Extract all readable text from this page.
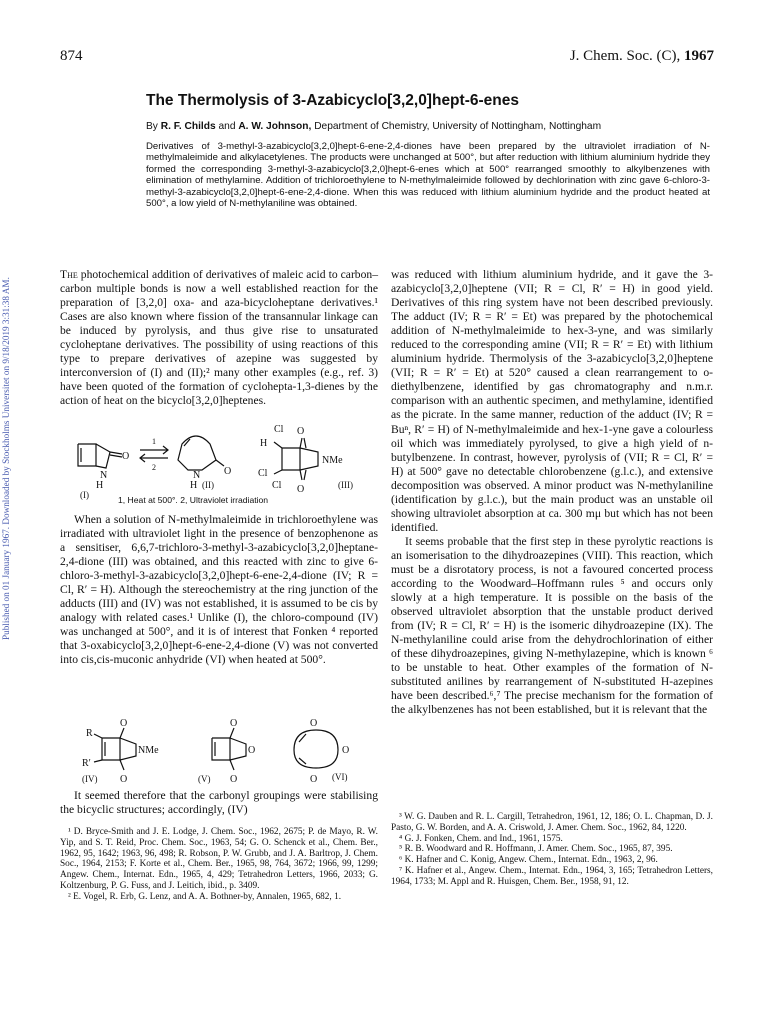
874	J. Chem. Soc. (C), 1967
Published on 01 January 1967. Downloaded by Stockholms Universitet on 9/18/2019 3:31:38 AM.
The Thermolysis of 3-Azabicyclo[3,2,0]hept-6-enes
By R. F. Childs and A. W. Johnson, Department of Chemistry, University of Nottingham, Nottingham
Derivatives of 3-methyl-3-azabicyclo[3,2,0]hept-6-ene-2,4-diones have been prepared by the ultraviolet irradiation of N-methylmaleimide and alkylacetylenes. The products were unchanged at 500°, but after reduction with lithium aluminium hydride they formed the corresponding 3-methyl-3-azabicyclo[3,2,0]hept-6-enes which at 500° rearranged smoothly to alkylbenzenes with elimination of methylamine. Addition of trichloroethylene to N-methylmaleimide followed by dechlorination with zinc gave 6-chloro-3-methyl-3-azabicyclo[3,2,0]hept-6-ene-2,4-dione. When this was reduced with lithium aluminium hydride and the product heated at 500°, a low yield of N-methylaniline was obtained.

The photochemical addition of derivatives of maleic acid to carbon–carbon multiple bonds is now a well established reaction for the preparation of [3,2,0] oxa- and aza-bicycloheptane derivatives.¹ Cases are also known where fission of the transannular linkage can be induced by pyrolysis, and thus give rise to unsaturated cycloheptane derivatives. The possibility of using reactions of this type to prepare derivatives of azepine was suggested by interconversion of (I) and (II);² many other examples (e.g., ref. 3) have been quoted of the formation of cyclohepta-1,3-dienes by the action of heat on the bicyclo[3,2,0]heptenes.

N
H
O
1
2
N
H
O
O
O
NMe
Cl
H
Cl
Cl
(I)
(II)	(III)
1, Heat at 500°. 2, Ultraviolet irradiation

When a solution of N-methylmaleimide in trichloroethylene was irradiated with ultraviolet light in the presence of benzophenone as a sensitiser, 6,6,7-trichloro-3-methyl-3-azabicyclo[3,2,0]heptane-2,4-dione (III) was obtained, and this reacted with zinc to give 6-chloro-3-methyl-3-azabicyclo[3,2,0]hept-6-ene-2,4-dione (IV; R = Cl, R′ = H). Although the stereochemistry at the ring junction of the adducts (III) and (IV) was not established, it is assumed to be cis by analogy with related cases.¹ Unlike (I), the chloro-compound (IV) was unchanged at 500°, and it is of interest that Fonken ⁴ reported that 3-oxabicyclo[3,2,0]hept-6-ene-2,4-dione (V) was not converted into cis,cis-muconic anhydride (VI) when heated at 500°.

O
O
NMe
R
R′
O
O
O
O
O
O
(IV)	(V)	(VI)

It seemed therefore that the carbonyl groupings were stabilising the bicyclic structures; accordingly, (IV)

¹ D. Bryce-Smith and J. E. Lodge, J. Chem. Soc., 1962, 2675; P. de Mayo, R. W. Yip, and S. T. Reid, Proc. Chem. Soc., 1963, 54; G. O. Schenck et al., Chem. Ber., 1962, 95, 1642; 1963, 96, 498; R. Robson, P. W. Grubb, and J. A. Barltrop, J. Chem. Soc., 1964, 2153; F. Korte et al., Chem. Ber., 1965, 98, 764, 3672; 1966, 99, 1299; Angew. Chem., Internat. Edn., 1965, 4, 429; Tetrahedron Letters, 1966, 2033; G. Koltzenburg, P. G. Fuss, and J. Leitich, ibid., p. 3409.
² E. Vogel, R. Erb, G. Lenz, and A. A. Bothner-by, Annalen, 1965, 682, 1.

was reduced with lithium aluminium hydride, and it gave the 3-azabicyclo[3,2,0]heptene (VII; R = Cl, R′ = H) in good yield. Derivatives of this ring system have not been described previously. The adduct (IV; R = R′ = Et) was prepared by the photochemical addition of N-methylmaleimide to hex-3-yne, and was similarly reduced to the corresponding amine (VII; R = R′ = Et) with lithium aluminium hydride. Thermolysis of the 3-azabicyclo[3,2,0]heptene (VII; R = R′ = Et) at 520° caused a clean rearrangement to o-diethylbenzene, identified by gas chromatography and n.m.r. comparison with an authentic specimen, and methylamine, identified as the picrate. In the same manner, reduction of the adduct (IV; R = Buⁿ, R′ = H) of N-methylmaleimide and hex-1-yne gave a colourless oil which was immediately pyrolysed, to give a high yield of n-butylbenzene. In contrast, however, pyrolysis of (VII; R = Cl, R′ = H) at 500° gave no detectable chlorobenzene (g.l.c.), and extensive decomposition was observed. A minor product was N-methylaniline (identification by g.l.c.), but the main product was an unstable oil showing ultraviolet absorption at ca. 300 mμ but which has not been identified.

It seems probable that the first step in these pyrolytic reactions is an isomerisation to the dihydroazepines (VIII). This reaction, which must be a disrotatory process, is not a favoured concerted process according to the Woodward–Hoffmann rules ⁵ and occurs only slowly at a high temperature. It is possible on the basis of the observed ultraviolet absorption that the unstable product derived from (IV; R = Cl, R′ = H) is the isomeric dihydroazepine (IX). The N-methylaniline could arise from the dehydrochlorination of either of these dihydroazepines, giving N-methylazepine, which is known ⁶ to be unstable to heat. Other examples of the formation of N-substituted anilines by rearrangement of N-substituted H-azepines have been described.⁶,⁷ The precise mechanism for the formation of the alkylbenzenes has not been established, but it is relevant that the

³ W. G. Dauben and R. L. Cargill, Tetrahedron, 1961, 12, 186; O. L. Chapman, D. J. Pasto, G. W. Borden, and A. A. Criswold, J. Amer. Chem. Soc., 1962, 84, 1220.
⁴ G. J. Fonken, Chem. and Ind., 1961, 1575.
⁵ R. B. Woodward and R. Hoffmann, J. Amer. Chem. Soc., 1965, 87, 395.
⁶ K. Hafner and C. Konig, Angew. Chem., Internat. Edn., 1963, 2, 96.
⁷ K. Hafner et al., Angew. Chem., Internat. Edn., 1964, 3, 165; Tetrahedron Letters, 1964, 1733; M. Appl and R. Huisgen, Chem. Ber., 1958, 91, 12.
